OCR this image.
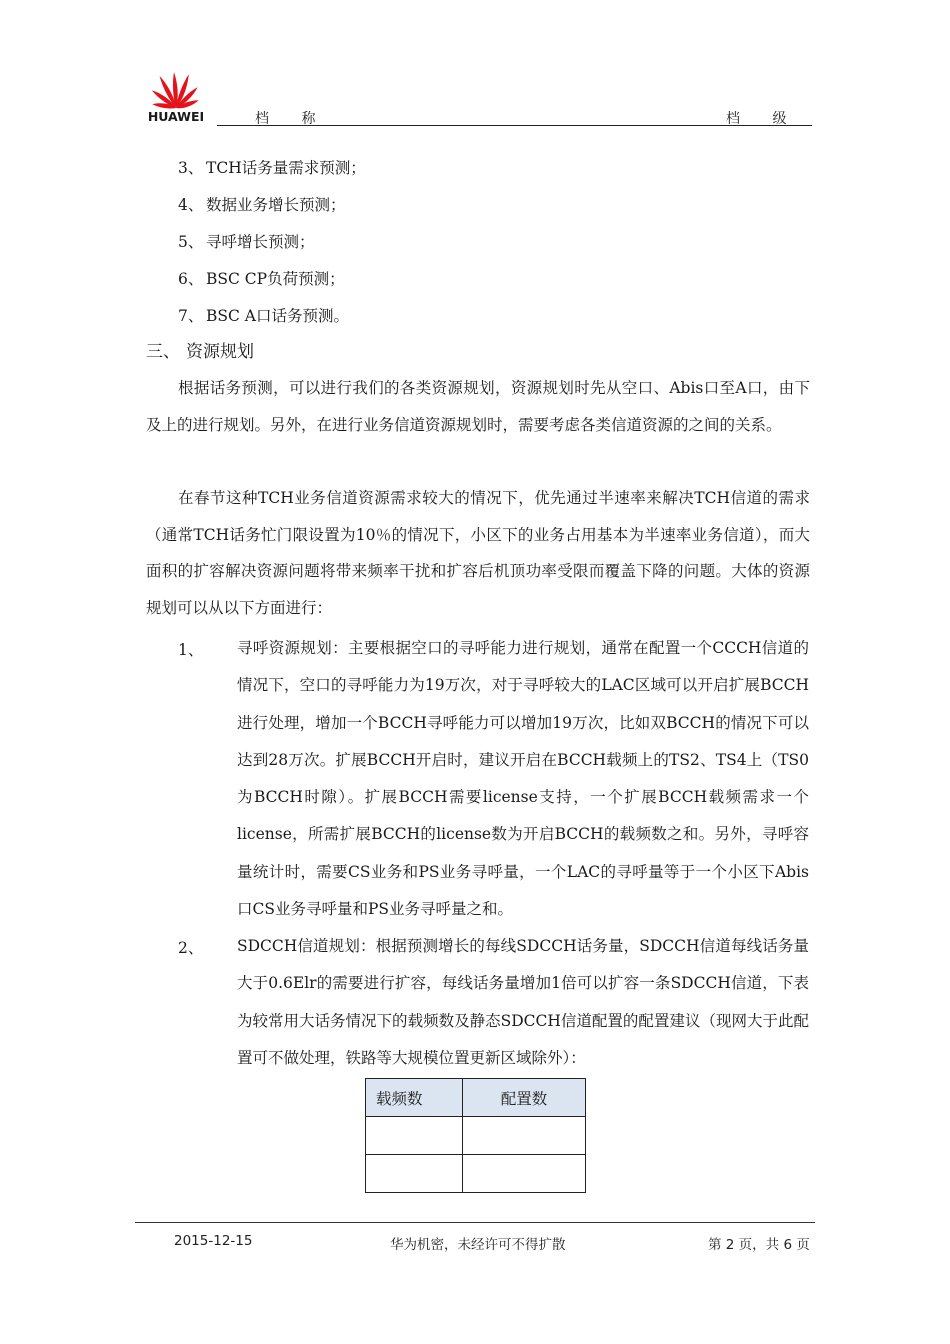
HUAWEI	档 称	档 级
3、 TCH话务量需求预测；
4、 数据业务增长预测；
5、 寻呼增长预测；
6、 BSC CP负荷预测；
7、 BSC A口话务预测。
三、 资源规划
根据话务预测，可以进行我们的各类资源规划，资源规划时先从空口、Abis口至A口，由下及上的进行规划。另外，在进行业务信道资源规划时，需要考虑各类信道资源的之间的关系。
在春节这种TCH业务信道资源需求较大的情况下，优先通过半速率来解决TCH信道的需求（通常TCH话务忙门限设置为10％的情况下，小区下的业务占用基本为半速率业务信道），而大面积的扩容解决资源问题将带来频率干扰和扩容后机顶功率受限而覆盖下降的问题。大体的资源规划可以从以下方面进行：
1、 寻呼资源规划：主要根据空口的寻呼能力进行规划，通常在配置一个CCCH信道的情况下，空口的寻呼能力为19万次，对于寻呼较大的LAC区域可以开启扩展BCCH进行处理，增加一个BCCH寻呼能力可以增加19万次，比如双BCCH的情况下可以达到28万次。扩展BCCH开启时，建议开启在BCCH载频上的TS2、TS4上（TS0为BCCH时隙）。扩展BCCH需要license支持，一个扩展BCCH载频需求一个license，所需扩展BCCH的license数为开启BCCH的载频数之和。另外，寻呼容量统计时，需要CS业务和PS业务寻呼量，一个LAC的寻呼量等于一个小区下Abis口CS业务寻呼量和PS业务寻呼量之和。
2、 SDCCH信道规划：根据预测增长的每线SDCCH话务量，SDCCH信道每线话务量大于0.6Elr的需要进行扩容，每线话务量增加1倍可以扩容一条SDCCH信道，下表为较常用大话务情况下的载频数及静态SDCCH信道配置的配置建议（现网大于此配置可不做处理，铁路等大规模位置更新区域除外）：
载频数	配置数

2015-12-15	华为机密，未经许可不得扩散	第 2 页，共 6 页
